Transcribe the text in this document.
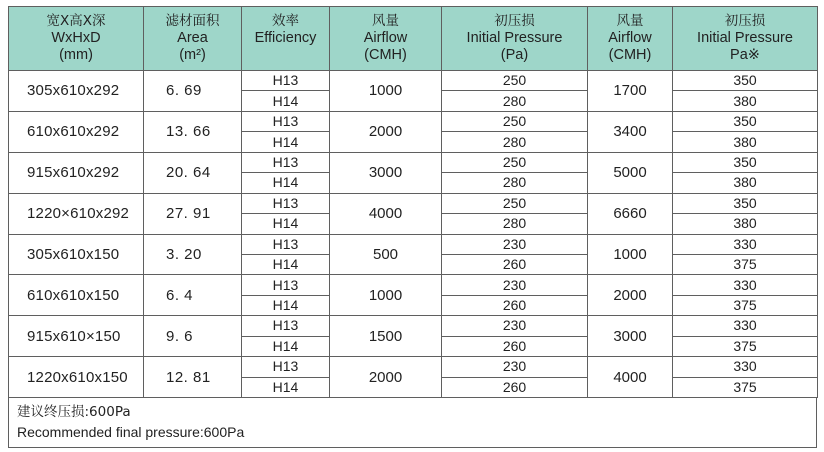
宽X高X深
WxHxD
(mm)	滤材面积
Area
(m²)	效率
Efficiency	风量
Airflow
(CMH)	初压损
Initial Pressure
(Pa)	风量
Airflow
(CMH)	初压损
Initial Pressure
Pa※

305x610x292	6. 69	H13	1000	250	1700	350
		H14		280		380
610x610x292	13. 66	H13	2000	250	3400	350
		H14		280		380
915x610x292	20. 64	H13	3000	250	5000	350
		H14		280		380
1220×610x292	27. 91	H13	4000	250	6660	350
		H14		280		380
305x610x150	3. 20	H13	500	230	1000	330
		H14		260		375
610x610x150	6. 4	H13	1000	230	2000	330
		H14		260		375
915x610×150	9. 6	H13	1500	230	3000	330
		H14		260		375
1220x610x150	12. 81	H13	2000	230	4000	330
		H14		260		375
建议终压损:600Pa
Recommended final pressure:600Pa
